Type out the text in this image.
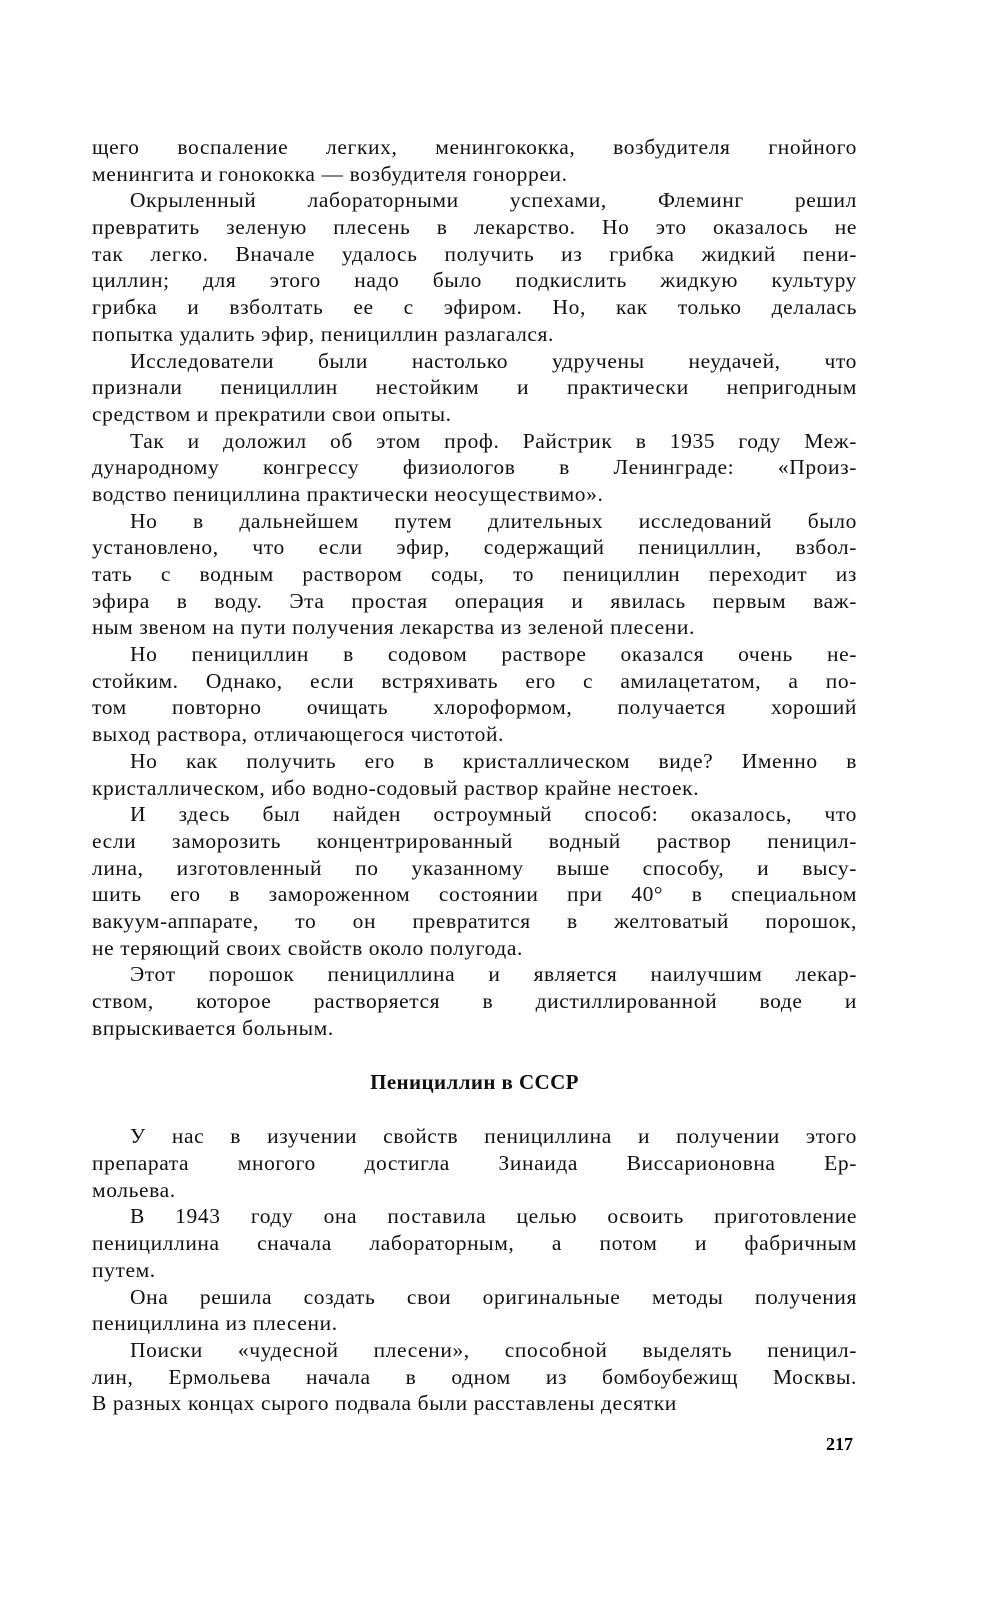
щего воспаление легких, менингококка, возбудителя гнойного
менингита и гонококка — возбудителя гонорреи.
Окрыленный лабораторными успехами, Флеминг решил
превратить зеленую плесень в лекарство. Но это оказалось не
так легко. Вначале удалось получить из грибка жидкий пени-
циллин; для этого надо было подкислить жидкую культуру
грибка и взболтать ее с эфиром. Но, как только делалась
попытка удалить эфир, пенициллин разлагался.
Исследователи были настолько удручены неудачей, что
признали пенициллин нестойким и практически непригодным
средством и прекратили свои опыты.
Так и доложил об этом проф. Райстрик в 1935 году Меж-
дународному конгрессу физиологов в Ленинграде: «Произ-
водство пенициллина практически неосуществимо».
Но в дальнейшем путем длительных исследований было
установлено, что если эфир, содержащий пенициллин, взбол-
тать с водным раствором соды, то пенициллин переходит из
эфира в воду. Эта простая операция и явилась первым важ-
ным звеном на пути получения лекарства из зеленой плесени.
Но пенициллин в содовом растворе оказался очень не-
стойким. Однако, если встряхивать его с амилацетатом, а по-
том повторно очищать хлороформом, получается хороший
выход раствора, отличающегося чистотой.
Но как получить его в кристаллическом виде? Именно в
кристаллическом, ибо водно-содовый раствор крайне нестоек.
И здесь был найден остроумный способ: оказалось, что
если заморозить концентрированный водный раствор пеницил-
лина, изготовленный по указанному выше способу, и высу-
шить его в замороженном состоянии при 40° в специальном
вакуум-аппарате, то он превратится в желтоватый порошок,
не теряющий своих свойств около полугода.
Этот порошок пенициллина и является наилучшим лекар-
ством, которое растворяется в дистиллированной воде и
впрыскивается больным.
Пенициллин в СССР
У нас в изучении свойств пенициллина и получении этого
препарата многого достигла Зинаида Виссарионовна Ер-
мольева.
В 1943 году она поставила целью освоить приготовление
пенициллина сначала лабораторным, а потом и фабричным
путем.
Она решила создать свои оригинальные методы получения
пенициллина из плесени.
Поиски «чудесной плесени», способной выделять пеницил-
лин, Ермольева начала в одном из бомбоубежищ Москвы.
В разных концах сырого подвала были расставлены десятки
217
